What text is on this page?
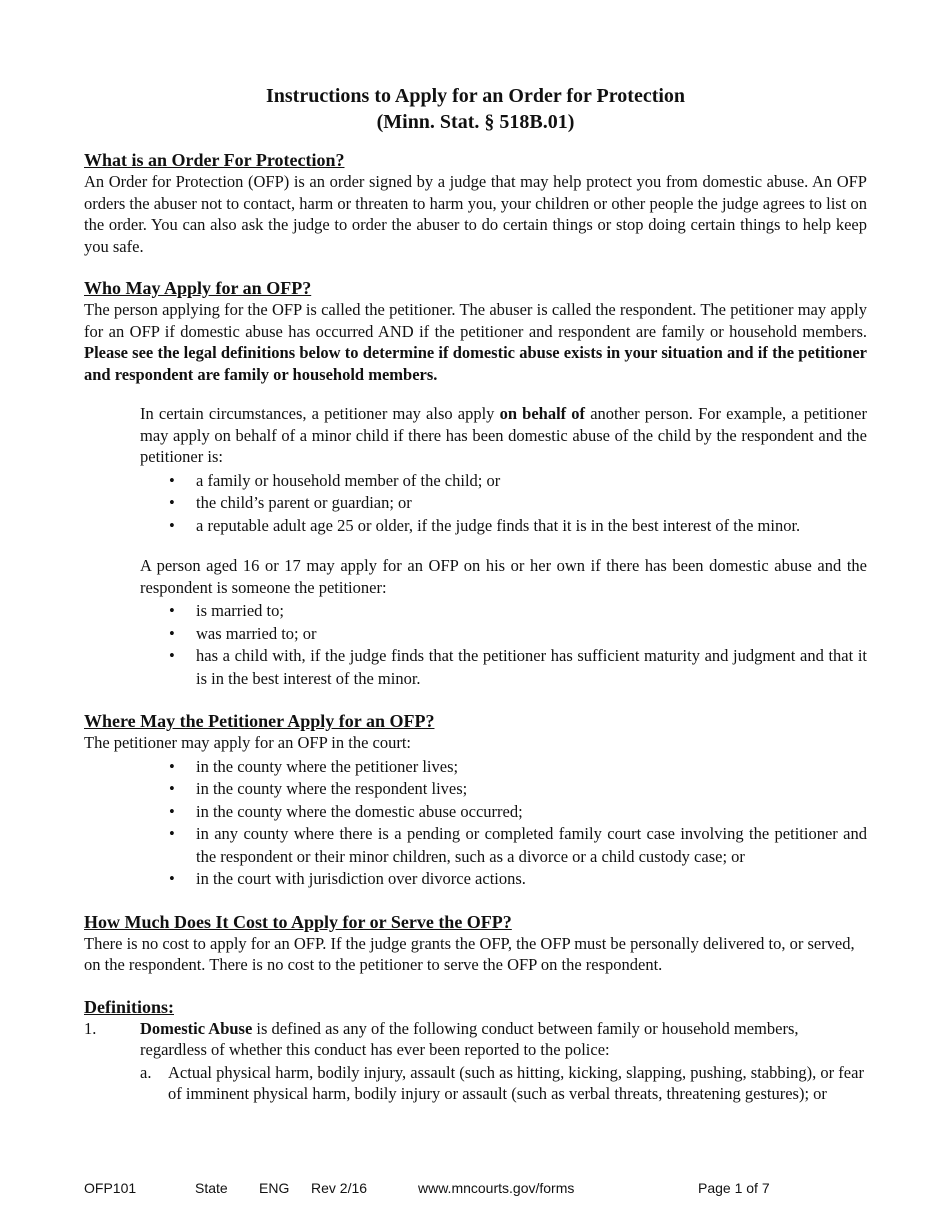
Instructions to Apply for an Order for Protection
(Minn. Stat. § 518B.01)
What is an Order For Protection?

An Order for Protection (OFP) is an order signed by a judge that may help protect you from domestic abuse. An OFP orders the abuser not to contact, harm or threaten to harm you, your children or other people the judge agrees to list on the order. You can also ask the judge to order the abuser to do certain things or stop doing certain things to help keep you safe.

Who May Apply for an OFP?

The person applying for the OFP is called the petitioner. The abuser is called the respondent. The petitioner may apply for an OFP if domestic abuse has occurred AND if the petitioner and respondent are family or household members. Please see the legal definitions below to determine if domestic abuse exists in your situation and if the petitioner and respondent are family or household members.

In certain circumstances, a petitioner may also apply on behalf of another person. For example, a petitioner may apply on behalf of a minor child if there has been domestic abuse of the child by the respondent and the petitioner is:

• a family or household member of the child; or
• the child’s parent or guardian; or
• a reputable adult age 25 or older, if the judge finds that it is in the best interest of the minor.

A person aged 16 or 17 may apply for an OFP on his or her own if there has been domestic abuse and the respondent is someone the petitioner:

• is married to;
• was married to; or
• has a child with, if the judge finds that the petitioner has sufficient maturity and judgment and that it is in the best interest of the minor.
Where May the Petitioner Apply for an OFP?

The petitioner may apply for an OFP in the court:

• in the county where the petitioner lives;
• in the county where the respondent lives;
• in the county where the domestic abuse occurred;
• in any county where there is a pending or completed family court case involving the petitioner and the respondent or their minor children, such as a divorce or a child custody case; or
• in the court with jurisdiction over divorce actions.
How Much Does It Cost to Apply for or Serve the OFP?

There is no cost to apply for an OFP. If the judge grants the OFP, the OFP must be personally delivered to, or served, on the respondent. There is no cost to the petitioner to serve the OFP on the respondent.

Definitions:
1.	Domestic Abuse is defined as any of the following conduct between family or household members, regardless of whether this conduct has ever been reported to the police:
a. Actual physical harm, bodily injury, assault (such as hitting, kicking, slapping, pushing, stabbing), or fear of imminent physical harm, bodily injury or assault (such as verbal threats, threatening gestures); or
OFP101	State ENG Rev 2/16	www.mncourts.gov/forms	Page 1 of 7
